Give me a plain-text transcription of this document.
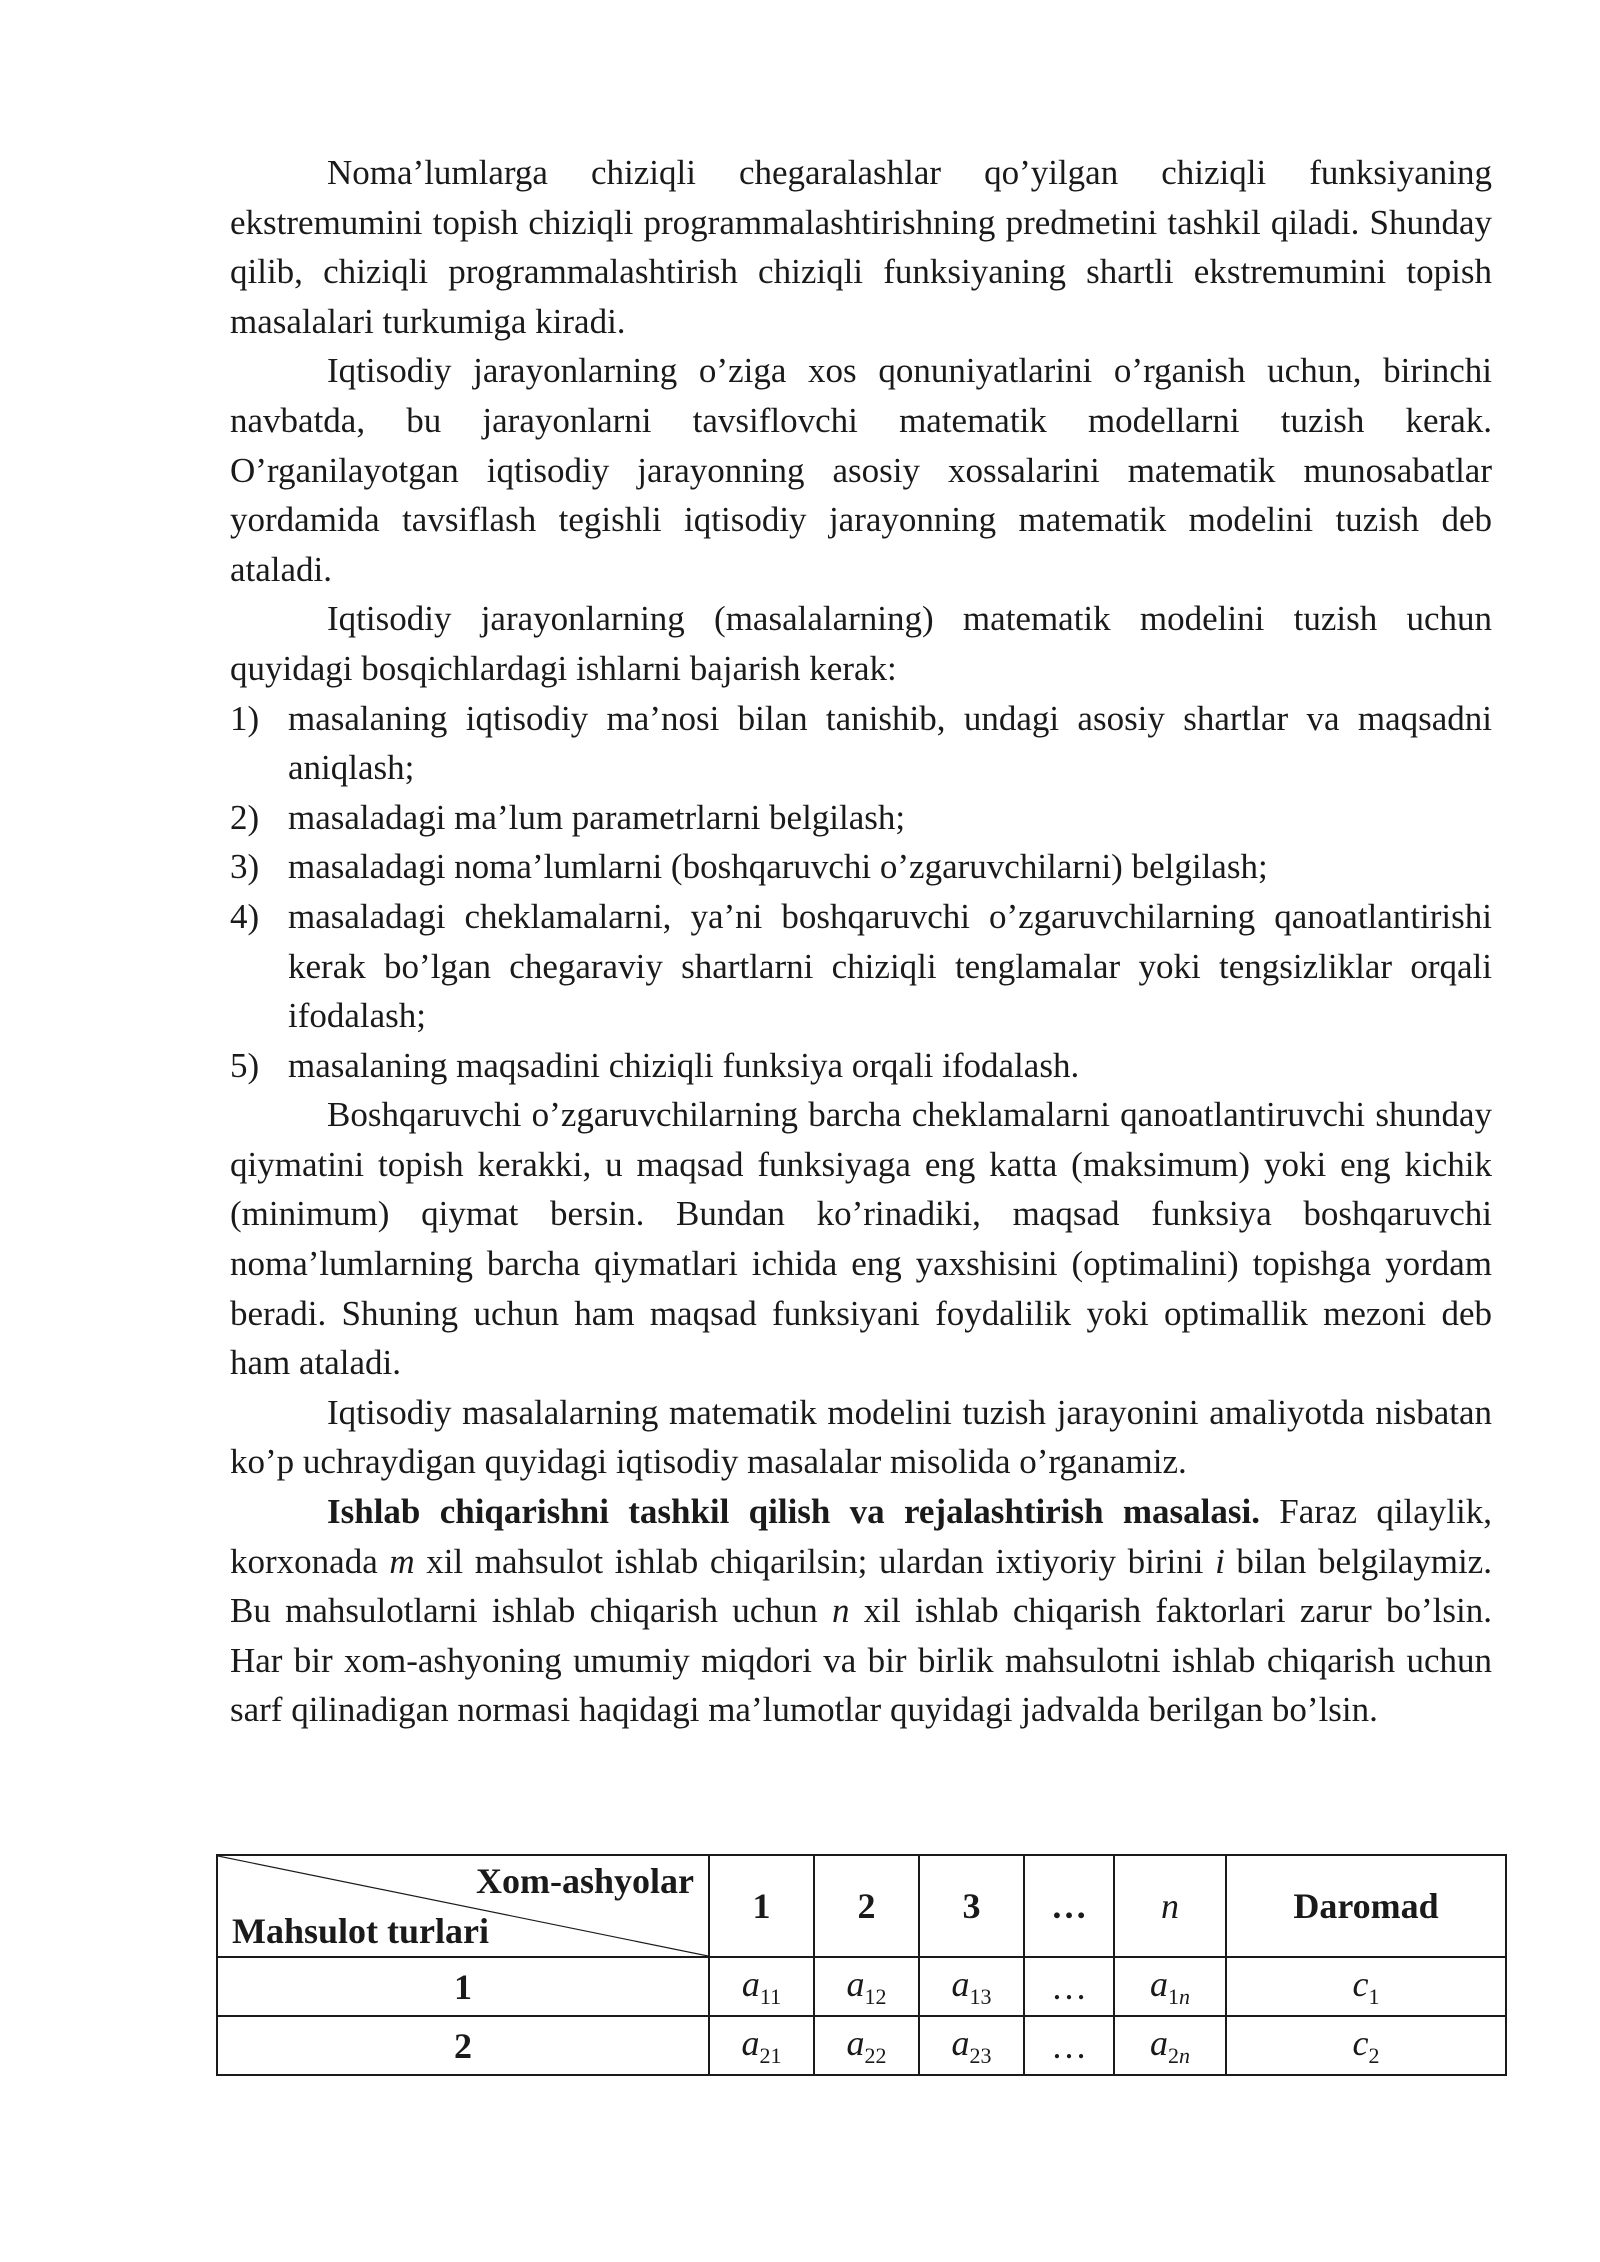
Noma’lumlarga chiziqli chegaralashlar qo’yilgan chiziqli funksiyaning ekstremumini topish chiziqli programmalashtirishning predmetini tashkil qiladi. Shunday qilib, chiziqli programmalashtirish chiziqli funksiyaning shartli ekstremumini topish masalalari turkumiga kiradi.

Iqtisodiy jarayonlarning o’ziga xos qonuniyatlarini o’rganish uchun, birinchi navbatda, bu jarayonlarni tavsiflovchi matematik modellarni tuzish kerak. O’rganilayotgan iqtisodiy jarayonning asosiy xossalarini matematik munosabatlar yordamida tavsiflash tegishli iqtisodiy jarayonning matematik modelini tuzish deb ataladi.

Iqtisodiy jarayonlarning (masalalarning) matematik modelini tuzish uchun quyidagi bosqichlardagi ishlarni bajarish kerak:

1) masalaning iqtisodiy ma’nosi bilan tanishib, undagi asosiy shartlar va maqsadni aniqlash;
2) masaladagi ma’lum parametrlarni belgilash;
3) masaladagi noma’lumlarni (boshqaruvchi o’zgaruvchilarni) belgilash;
4) masaladagi cheklamalarni, ya’ni boshqaruvchi o’zgaruvchilarning qanoatlantirishi kerak bo’lgan chegaraviy shartlarni chiziqli tenglamalar yoki tengsizliklar orqali ifodalash;
5) masalaning maqsadini chiziqli funksiya orqali ifodalash.

Boshqaruvchi o’zgaruvchilarning barcha cheklamalarni qanoatlantiruvchi shunday qiymatini topish kerakki, u maqsad funksiyaga eng katta (maksimum) yoki eng kichik (minimum) qiymat bersin. Bundan ko’rinadiki, maqsad funksiya boshqaruvchi noma’lumlarning barcha qiymatlari ichida eng yaxshisini (optimalini) topishga yordam beradi. Shuning uchun ham maqsad funksiyani foydalilik yoki optimallik mezoni deb ham ataladi.

Iqtisodiy masalalarning matematik modelini tuzish jarayonini amaliyotda nisbatan ko’p uchraydigan quyidagi iqtisodiy masalalar misolida o’rganamiz.

Ishlab chiqarishni tashkil qilish va rejalashtirish masalasi. Faraz qilaylik, korxonada m xil mahsulot ishlab chiqarilsin; ulardan ixtiyoriy birini i bilan belgilaymiz. Bu mahsulotlarni ishlab chiqarish uchun n xil ishlab chiqarish faktorlari zarur bo’lsin. Har bir xom-ashyoning umumiy miqdori va bir birlik mahsulotni ishlab chiqarish uchun sarf qilinadigan normasi haqidagi ma’lumotlar quyidagi jadvalda berilgan bo’lsin.

Xom-ashyolar
Mahsulot turlari	1	2	3	…	n	Daromad
1	$a_{11}$	$a_{12}$	$a_{13}$	…	$a_{1n}$	$c_1$
2	$a_{21}$	$a_{22}$	$a_{23}$	…	$a_{2n}$	$c_2$
